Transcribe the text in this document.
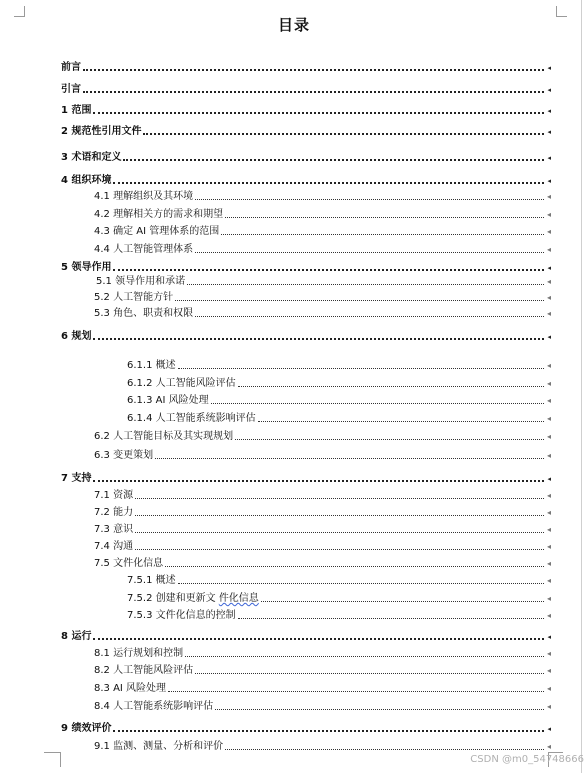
目录
前言	◂
引言	◂
1 范围	◂
2 规范性引用文件	◂
3 术语和定义	◂
4 组织环境	◂
4.1 理解组织及其环境	◂
4.2 理解相关方的需求和期望	◂
4.3 确定 AI 管理体系的范围	◂
4.4 人工智能管理体系	◂
5 领导作用	◂
5.1 领导作用和承诺	◂
5.2 人工智能方针	◂
5.3 角色、职责和权限	◂
6 规划	◂
6.1.1 概述	◂
6.1.2 人工智能风险评估	◂
6.1.3 AI 风险处理	◂
6.1.4 人工智能系统影响评估	◂
6.2 人工智能目标及其实现规划	◂
6.3 变更策划	◂
7 支持	◂
7.1 资源	◂
7.2 能力	◂
7.3 意识	◂
7.4 沟通	◂
7.5 文件化信息	◂
7.5.1 概述	◂
7.5.2 创建和更新文 件化信息	◂
7.5.3 文件化信息的控制	◂
8 运行	◂
8.1 运行规划和控制	◂
8.2 人工智能风险评估	◂
8.3 AI 风险处理	◂
8.4 人工智能系统影响评估	◂
9 绩效评价	◂
9.1 监测、测量、分析和评价	◂
CSDN @m0_54748666
